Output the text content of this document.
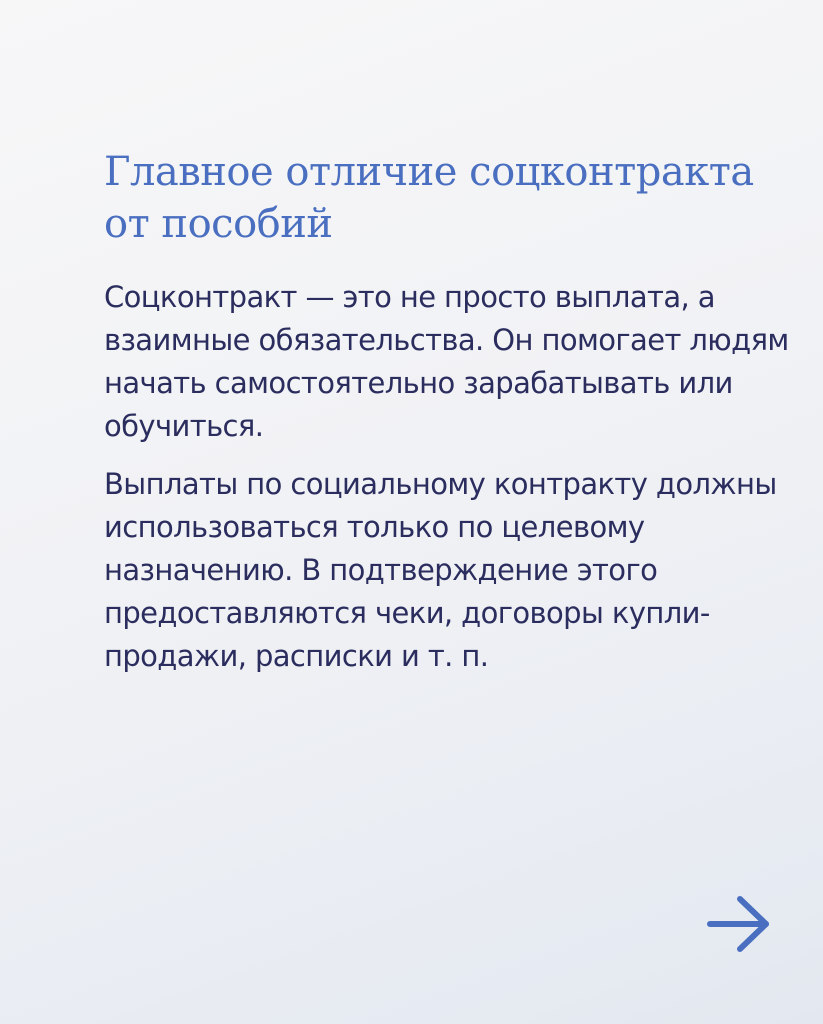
Главное отличие соцконтракта от пособий

Соцконтракт — это не просто выплата, а взаимные обязательства. Он помогает людям начать самостоятельно зарабатывать или обучиться.

Выплаты по социальному контракту должны использоваться только по целевому назначению. В подтверждение этого предоставляются чеки, договоры купли-продажи, расписки и т. п.
